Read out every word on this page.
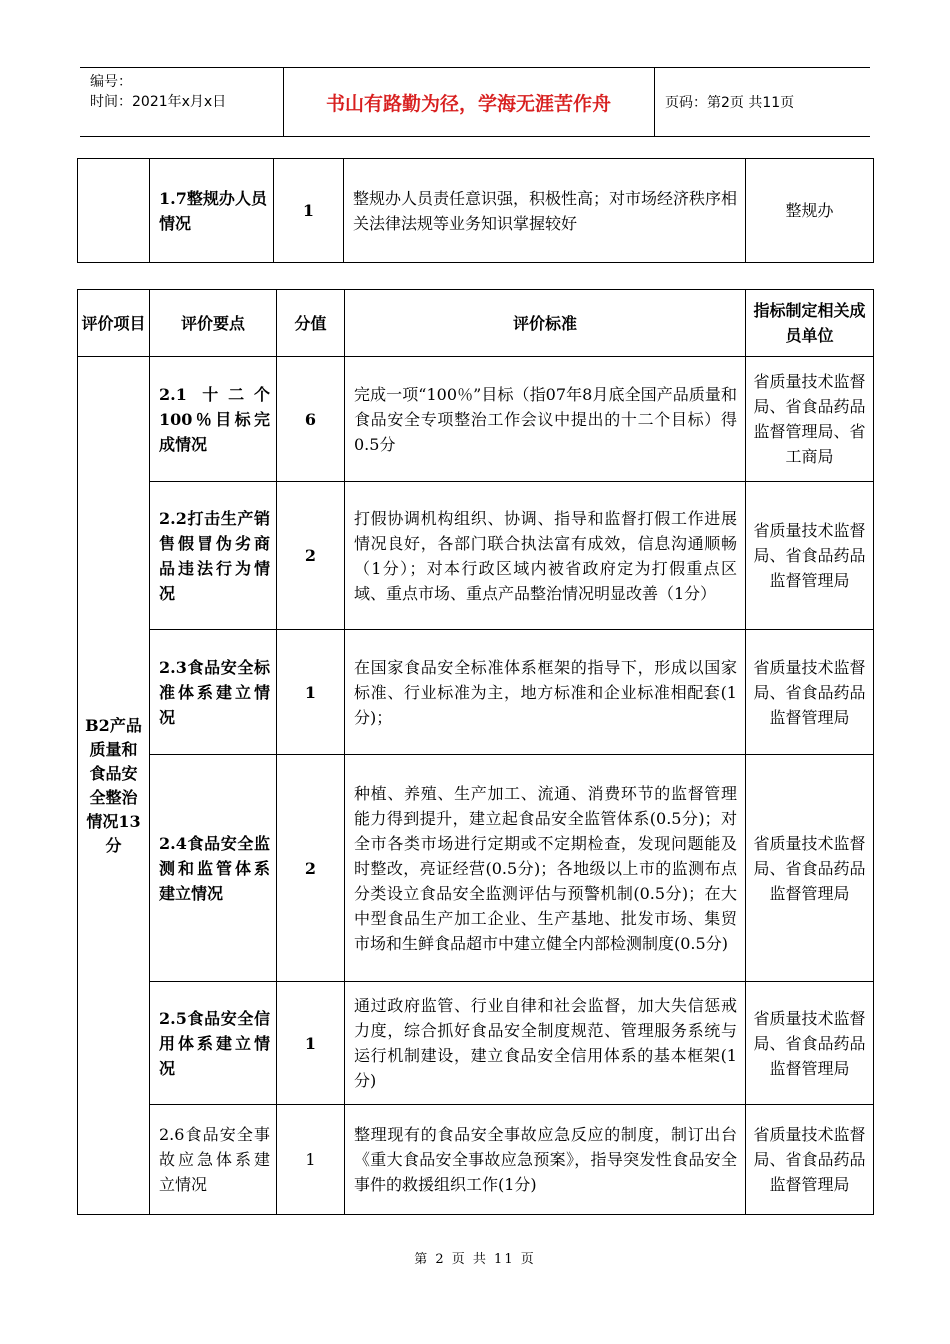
编号：
时间：2021年x月x日	书山有路勤为径，学海无涯苦作舟	页码：第2页 共11页
	1.7整规办人员情况	1	整规办人员责任意识强，积极性高；对市场经济秩序相关法律法规等业务知识掌握较好	整规办
评价项目	评价要点	分值	评价标准	指标制定相关成员单位
B2产品质量和食品安全整治情况13分	2.1 十二个100％目标完成情况	6	完成一项“100％”目标（指07年8月底全国产品质量和食品安全专项整治工作会议中提出的十二个目标）得0.5分	省质量技术监督局、省食品药品监督管理局、省工商局
	2.2打击生产销售假冒伪劣商品违法行为情况	2	打假协调机构组织、协调、指导和监督打假工作进展情况良好，各部门联合执法富有成效，信息沟通顺畅（1分）；对本行政区域内被省政府定为打假重点区域、重点市场、重点产品整治情况明显改善（1分）	省质量技术监督局、省食品药品监督管理局
	2.3食品安全标准体系建立情况	1	在国家食品安全标准体系框架的指导下，形成以国家标准、行业标准为主，地方标准和企业标准相配套(1分)；	省质量技术监督局、省食品药品监督管理局
	2.4食品安全监测和监管体系建立情况	2	种植、养殖、生产加工、流通、消费环节的监督管理能力得到提升，建立起食品安全监管体系(0.5分)；对全市各类市场进行定期或不定期检查，发现问题能及时整改，亮证经营(0.5分)；各地级以上市的监测布点分类设立食品安全监测评估与预警机制(0.5分)；在大中型食品生产加工企业、生产基地、批发市场、集贸市场和生鲜食品超市中建立健全内部检测制度(0.5分)	省质量技术监督局、省食品药品监督管理局
	2.5食品安全信用体系建立情况	1	通过政府监管、行业自律和社会监督，加大失信惩戒力度，综合抓好食品安全制度规范、管理服务系统与运行机制建设，建立食品安全信用体系的基本框架(1分)	省质量技术监督局、省食品药品监督管理局
	2.6食品安全事故应急体系建立情况	1	整理现有的食品安全事故应急反应的制度，制订出台《重大食品安全事故应急预案》，指导突发性食品安全事件的救援组织工作(1分)	省质量技术监督局、省食品药品监督管理局
第 2 页 共 11 页
